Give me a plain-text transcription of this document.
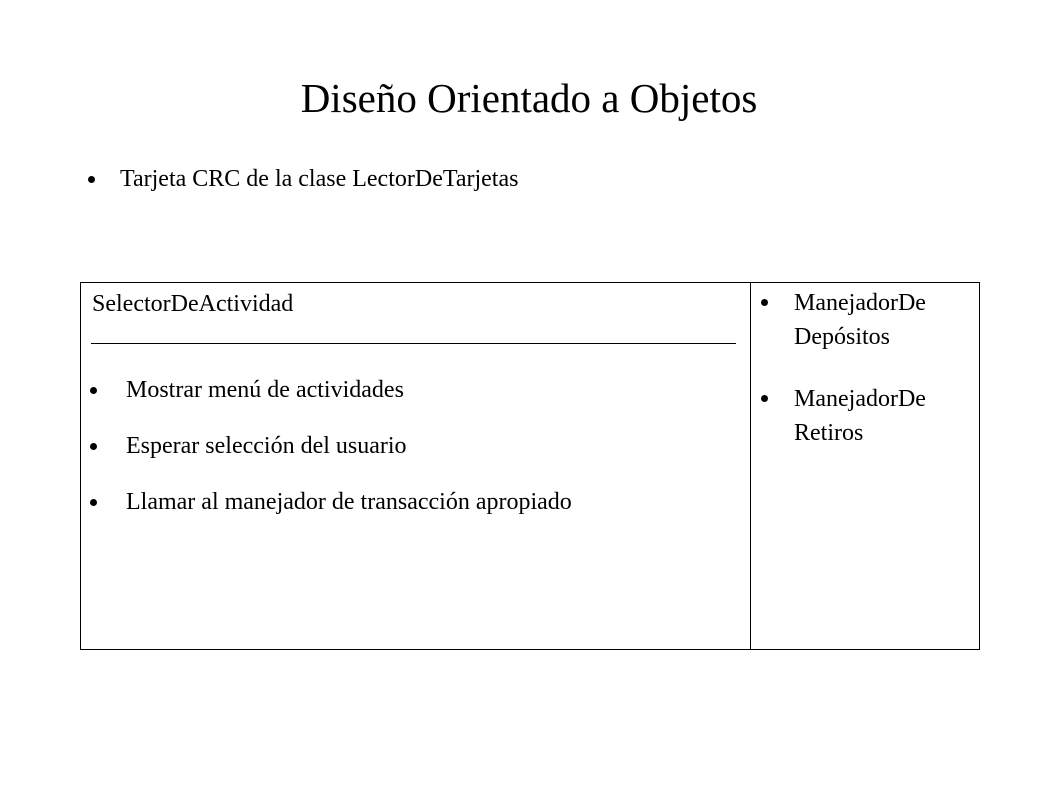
Diseño Orientado a Objetos
Tarjeta CRC de la clase LectorDeTarjetas
SelectorDeActividad
Mostrar menú de actividades
Esperar selección del usuario
Llamar al manejador de transacción apropiado
ManejadorDe Depósitos
ManejadorDe Retiros
